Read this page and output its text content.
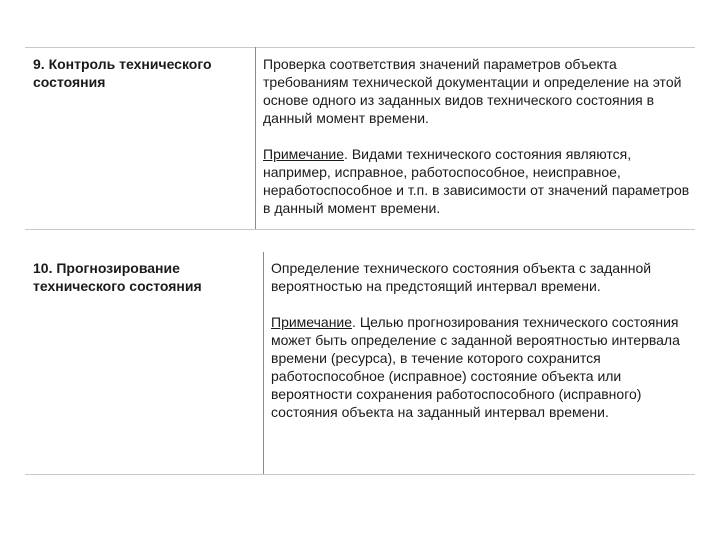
9. Контроль технического состояния

Проверка соответствия значений параметров объекта требованиям технической документации и определение на этой основе одного из заданных видов технического состояния в данный момент времени.

Примечание. Видами технического состояния являются, например, исправное, работоспособное, неисправное, неработоспособное и т.п. в зависимости от значений параметров в данный момент времени.

10. Прогнозирование технического состояния

Определение технического состояния объекта с заданной вероятностью на предстоящий интервал времени.

Примечание. Целью прогнозирования технического состояния может быть определение с заданной вероятностью интервала времени (ресурса), в течение которого сохранится работоспособное (исправное) состояние объекта или вероятности сохранения работоспособного (исправного) состояния объекта на заданный интервал времени.
